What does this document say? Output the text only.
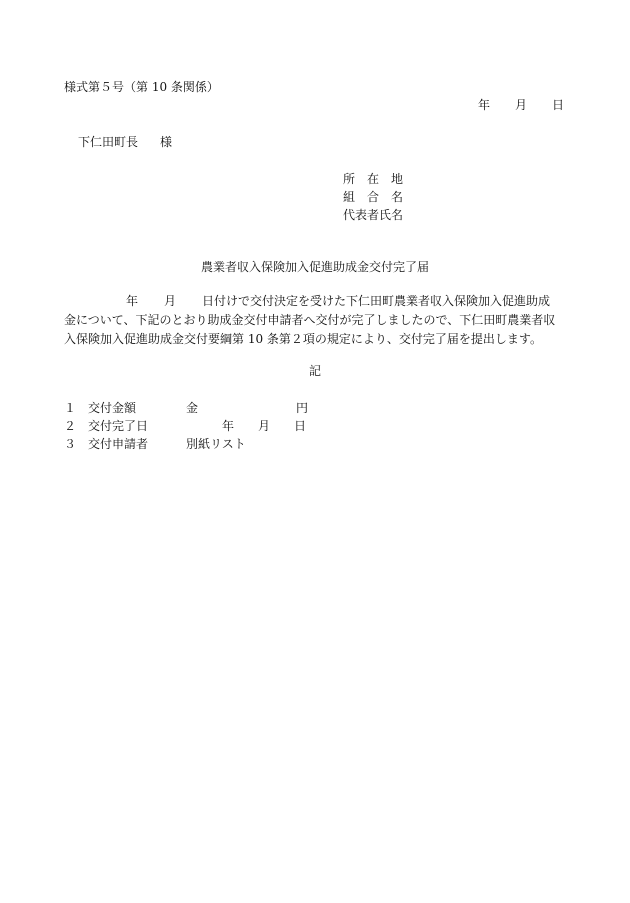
様式第５号（第 10 条関係）
年 月 日
下仁田町長 様
所　在　地
組　合　名
代表者氏名
農業者収入保険加入促進助成金交付完了届
年 月 日付けで交付決定を受けた下仁田町農業者収入保険加入促進助成
金について、下記のとおり助成金交付申請者へ交付が完了しましたので、下仁田町農業者収
入保険加入促進助成金交付要綱第 10 条第２項の規定により、交付完了届を提出します。
記
１ 交付金額	金	円
２ 交付完了日	年 月 日
３ 交付申請者	別紙リスト
